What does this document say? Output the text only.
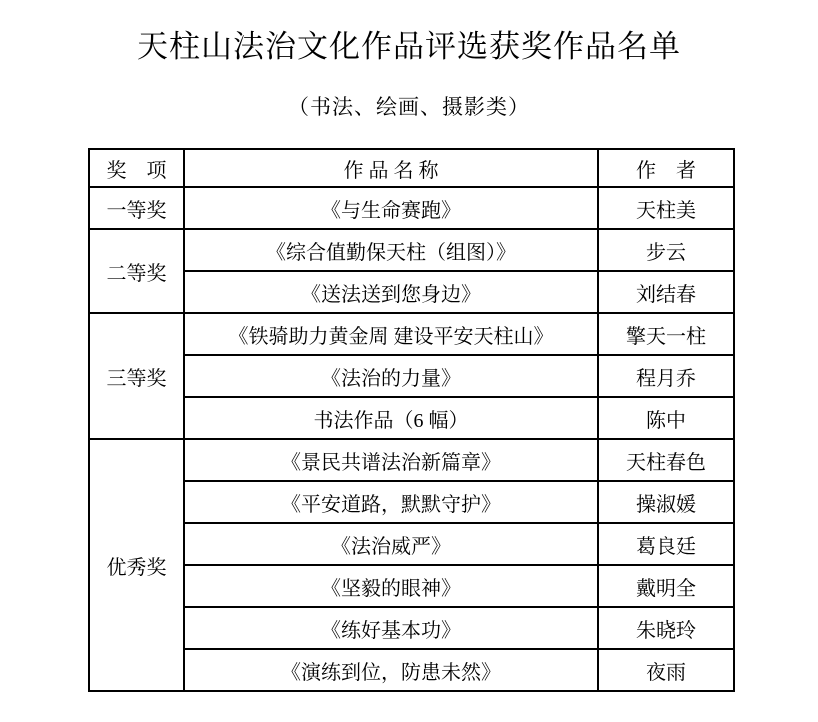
天柱山法治文化作品评选获奖作品名单
（书法、绘画、摄影类）
奖　项	作 品 名 称	作　者
一等奖	《与生命赛跑》	天柱美
二等奖	《综合值勤保天柱（组图）》	步云
	《送法送到您身边》	刘结春
三等奖	《铁骑助力黄金周 建设平安天柱山》	擎天一柱
	《法治的力量》	程月乔
	书法作品（6 幅）	陈中
优秀奖	《景民共谱法治新篇章》	天柱春色
	《平安道路，默默守护》	操淑媛
	《法治威严》	葛良廷
	《坚毅的眼神》	戴明全
	《练好基本功》	朱晓玲
	《演练到位，防患未然》	夜雨
